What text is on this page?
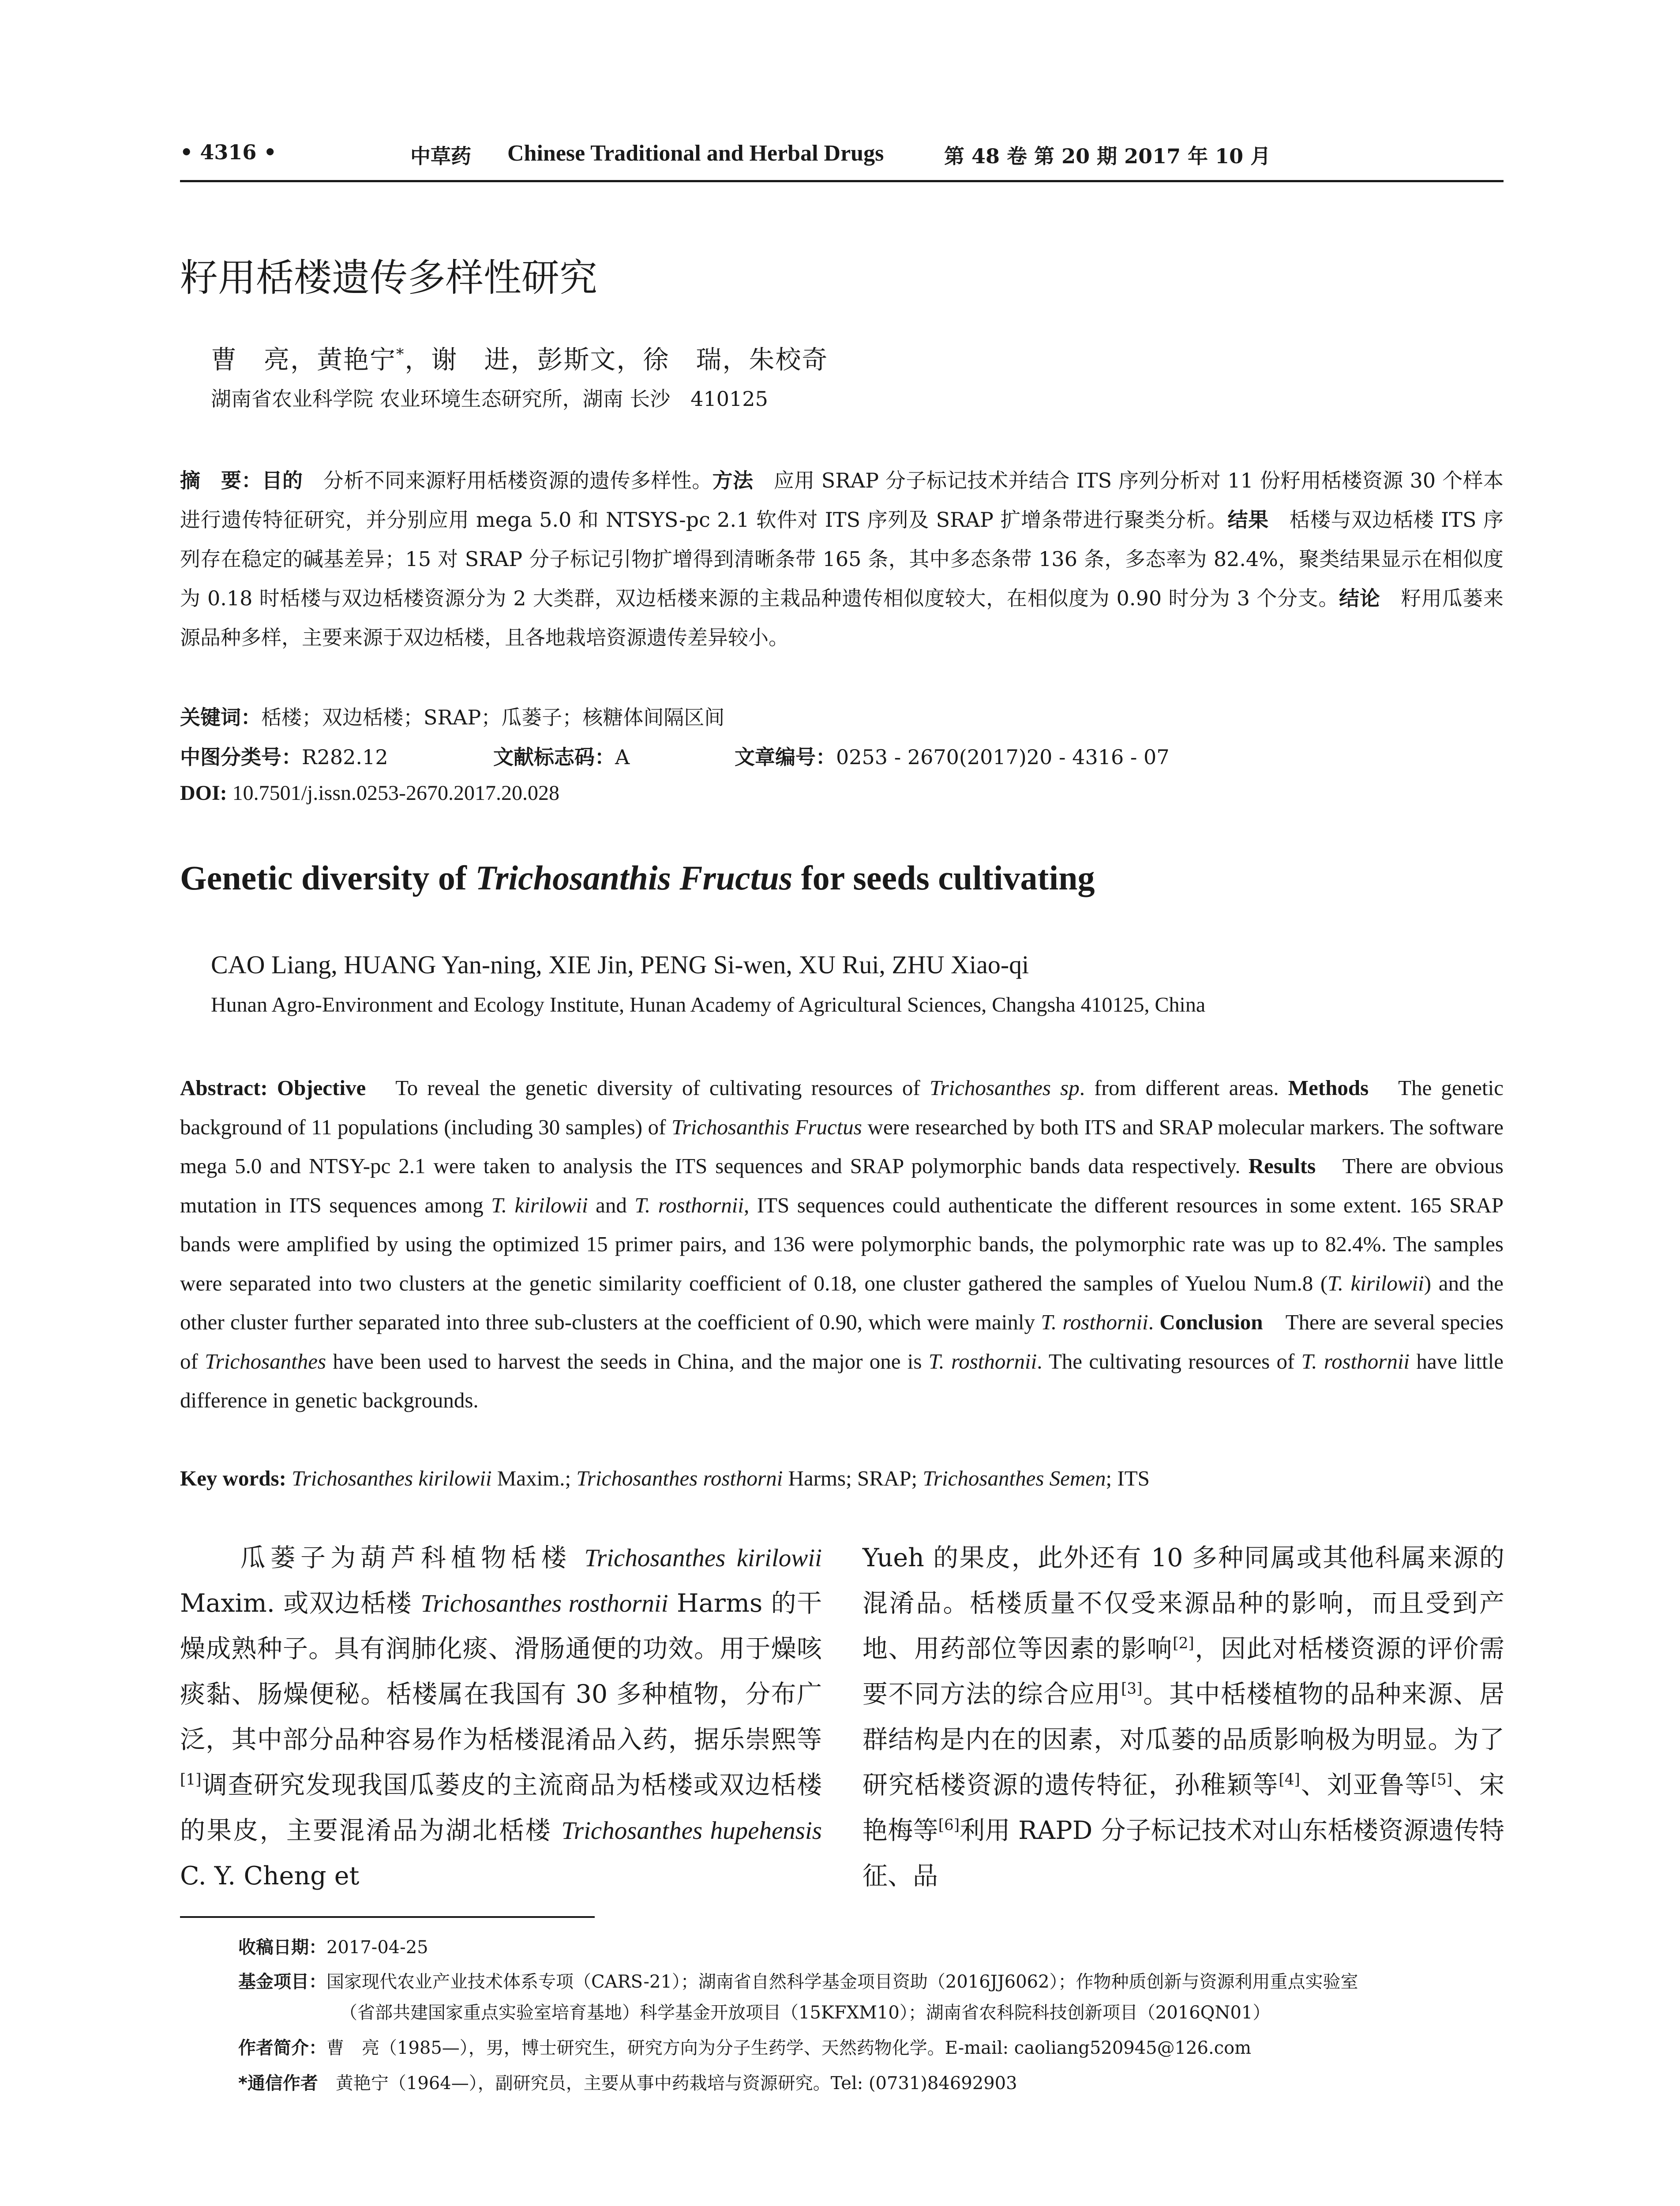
• 4316 •	中草药 Chinese Traditional and Herbal Drugs	第 48 卷 第 20 期 2017 年 10 月
籽用栝楼遗传多样性研究
曹　亮，黄艳宁*，谢　进，彭斯文，徐　瑞，朱校奇
湖南省农业科学院 农业环境生态研究所，湖南 长沙　410125
摘　要：目的　分析不同来源籽用栝楼资源的遗传多样性。方法　应用 SRAP 分子标记技术并结合 ITS 序列分析对 11 份籽用栝楼资源 30 个样本进行遗传特征研究，并分别应用 mega 5.0 和 NTSYS-pc 2.1 软件对 ITS 序列及 SRAP 扩增条带进行聚类分析。结果　栝楼与双边栝楼 ITS 序列存在稳定的碱基差异；15 对 SRAP 分子标记引物扩增得到清晰条带 165 条，其中多态条带 136 条，多态率为 82.4%，聚类结果显示在相似度为 0.18 时栝楼与双边栝楼资源分为 2 大类群，双边栝楼来源的主栽品种遗传相似度较大，在相似度为 0.90 时分为 3 个分支。结论　籽用瓜蒌来源品种多样，主要来源于双边栝楼，且各地栽培资源遗传差异较小。
关键词：栝楼；双边栝楼；SRAP；瓜蒌子；核糖体间隔区间
中图分类号：R282.12	文献标志码：A	文章编号：0253 - 2670(2017)20 - 4316 - 07
DOI: 10.7501/j.issn.0253-2670.2017.20.028
Genetic diversity of Trichosanthis Fructus for seeds cultivating
CAO Liang, HUANG Yan-ning, XIE Jin, PENG Si-wen, XU Rui, ZHU Xiao-qi
Hunan Agro-Environment and Ecology Institute, Hunan Academy of Agricultural Sciences, Changsha 410125, China
Abstract: Objective　To reveal the genetic diversity of cultivating resources of Trichosanthes sp. from different areas. Methods　The genetic background of 11 populations (including 30 samples) of Trichosanthis Fructus were researched by both ITS and SRAP molecular markers. The software mega 5.0 and NTSY-pc 2.1 were taken to analysis the ITS sequences and SRAP polymorphic bands data respectively. Results　There are obvious mutation in ITS sequences among T. kirilowii and T. rosthornii, ITS sequences could authenticate the different resources in some extent. 165 SRAP bands were amplified by using the optimized 15 primer pairs, and 136 were polymorphic bands, the polymorphic rate was up to 82.4%. The samples were separated into two clusters at the genetic similarity coefficient of 0.18, one cluster gathered the samples of Yuelou Num.8 (T. kirilowii) and the other cluster further separated into three sub-clusters at the coefficient of 0.90, which were mainly T. rosthornii. Conclusion　There are several species of Trichosanthes have been used to harvest the seeds in China, and the major one is T. rosthornii. The cultivating resources of T. rosthornii have little difference in genetic backgrounds.
Key words: Trichosanthes kirilowii Maxim.; Trichosanthes rosthorni Harms; SRAP; Trichosanthes Semen; ITS

　　瓜蒌子为葫芦科植物栝楼 Trichosanthes kirilowii Maxim. 或双边栝楼 Trichosanthes rosthornii Harms 的干燥成熟种子。具有润肺化痰、滑肠通便的功效。用于燥咳痰黏、肠燥便秘。栝楼属在我国有 30 多种植物，分布广泛，其中部分品种容易作为栝楼混淆品入药，据乐崇熙等[1]调查研究发现我国瓜蒌皮的主流商品为栝楼或双边栝楼的果皮，主要混淆品为湖北栝楼 Trichosanthes hupehensis C. Y. Cheng et

Yueh 的果皮，此外还有 10 多种同属或其他科属来源的混淆品。栝楼质量不仅受来源品种的影响，而且受到产地、用药部位等因素的影响[2]，因此对栝楼资源的评价需要不同方法的综合应用[3]。其中栝楼植物的品种来源、居群结构是内在的因素，对瓜蒌的品质影响极为明显。为了研究栝楼资源的遗传特征，孙稚颖等[4]、刘亚鲁等[5]、宋艳梅等[6]利用 RAPD 分子标记技术对山东栝楼资源遗传特征、品

收稿日期：2017-04-25
基金项目：国家现代农业产业技术体系专项（CARS-21）；湖南省自然科学基金项目资助（2016JJ6062）；作物种质创新与资源利用重点实验室
（省部共建国家重点实验室培育基地）科学基金开放项目（15KFXM10）；湖南省农科院科技创新项目（2016QN01）
作者简介：曹　亮（1985—），男，博士研究生，研究方向为分子生药学、天然药物化学。E-mail: caoliang520945@126.com
*通信作者　黄艳宁（1964—），副研究员，主要从事中药栽培与资源研究。Tel: (0731)84692903
